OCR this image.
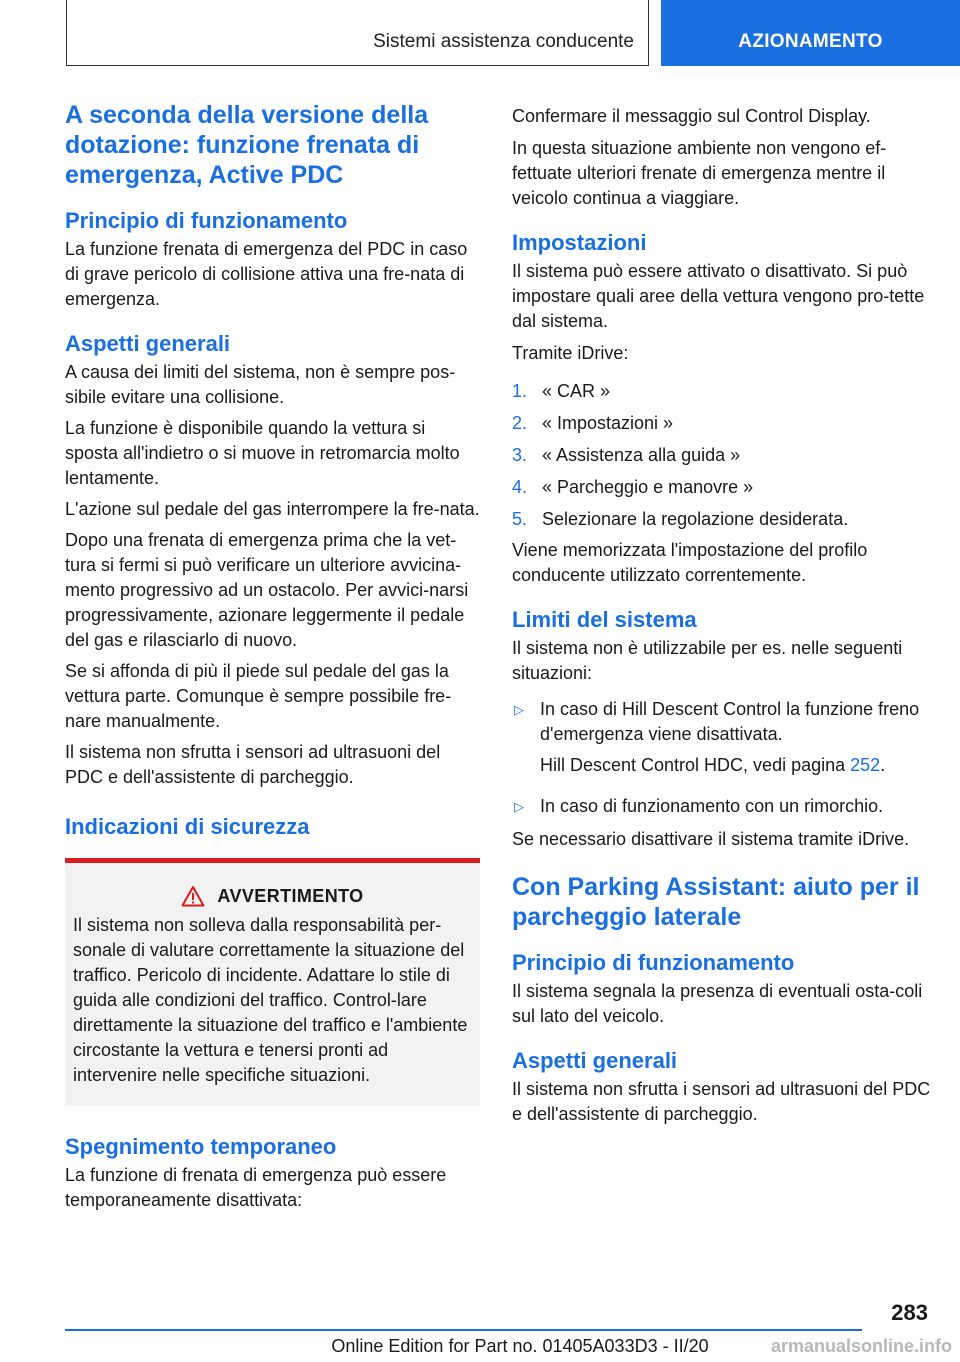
Sistemi assistenza conducente	AZIONAMENTO
A seconda della versione della dotazione: funzione frenata di emergenza, Active PDC
Principio di funzionamento
La funzione frenata di emergenza del PDC in caso di grave pericolo di collisione attiva una fre-nata di emergenza.
Aspetti generali
A causa dei limiti del sistema, non è sempre pos-sibile evitare una collisione.
La funzione è disponibile quando la vettura si sposta all'indietro o si muove in retromarcia molto lentamente.
L'azione sul pedale del gas interrompere la fre-nata.
Dopo una frenata di emergenza prima che la vet-tura si fermi si può verificare un ulteriore avvicina-mento progressivo ad un ostacolo. Per avvici-narsi progressivamente, azionare leggermente il pedale del gas e rilasciarlo di nuovo.
Se si affonda di più il piede sul pedale del gas la vettura parte. Comunque è sempre possibile fre-nare manualmente.
Il sistema non sfrutta i sensori ad ultrasuoni del PDC e dell'assistente di parcheggio.
Indicazioni di sicurezza
AVVERTIMENTO
Il sistema non solleva dalla responsabilità per-sonale di valutare correttamente la situazione del traffico. Pericolo di incidente. Adattare lo stile di guida alle condizioni del traffico. Control-lare direttamente la situazione del traffico e l'ambiente circostante la vettura e tenersi pronti ad intervenire nelle specifiche situazioni.
Spegnimento temporaneo
La funzione di frenata di emergenza può essere temporaneamente disattivata:
Confermare il messaggio sul Control Display.
In questa situazione ambiente non vengono ef-fettuate ulteriori frenate di emergenza mentre il veicolo continua a viaggiare.
Impostazioni
Il sistema può essere attivato o disattivato. Si può impostare quali aree della vettura vengono pro-tette dal sistema.
Tramite iDrive:
1. « CAR »
2. « Impostazioni »
3. « Assistenza alla guida »
4. « Parcheggio e manovre »
5. Selezionare la regolazione desiderata.
Viene memorizzata l'impostazione del profilo conducente utilizzato correntemente.
Limiti del sistema
Il sistema non è utilizzabile per es. nelle seguenti situazioni:
▷ In caso di Hill Descent Control la funzione freno d'emergenza viene disattivata.
Hill Descent Control HDC, vedi pagina 252.
▷ In caso di funzionamento con un rimorchio.
Se necessario disattivare il sistema tramite iDrive.
Con Parking Assistant: aiuto per il parcheggio laterale
Principio di funzionamento
Il sistema segnala la presenza di eventuali osta-coli sul lato del veicolo.
Aspetti generali
Il sistema non sfrutta i sensori ad ultrasuoni del PDC e dell'assistente di parcheggio.
283
Online Edition for Part no. 01405A033D3 - II/20	armanualsonline.info
